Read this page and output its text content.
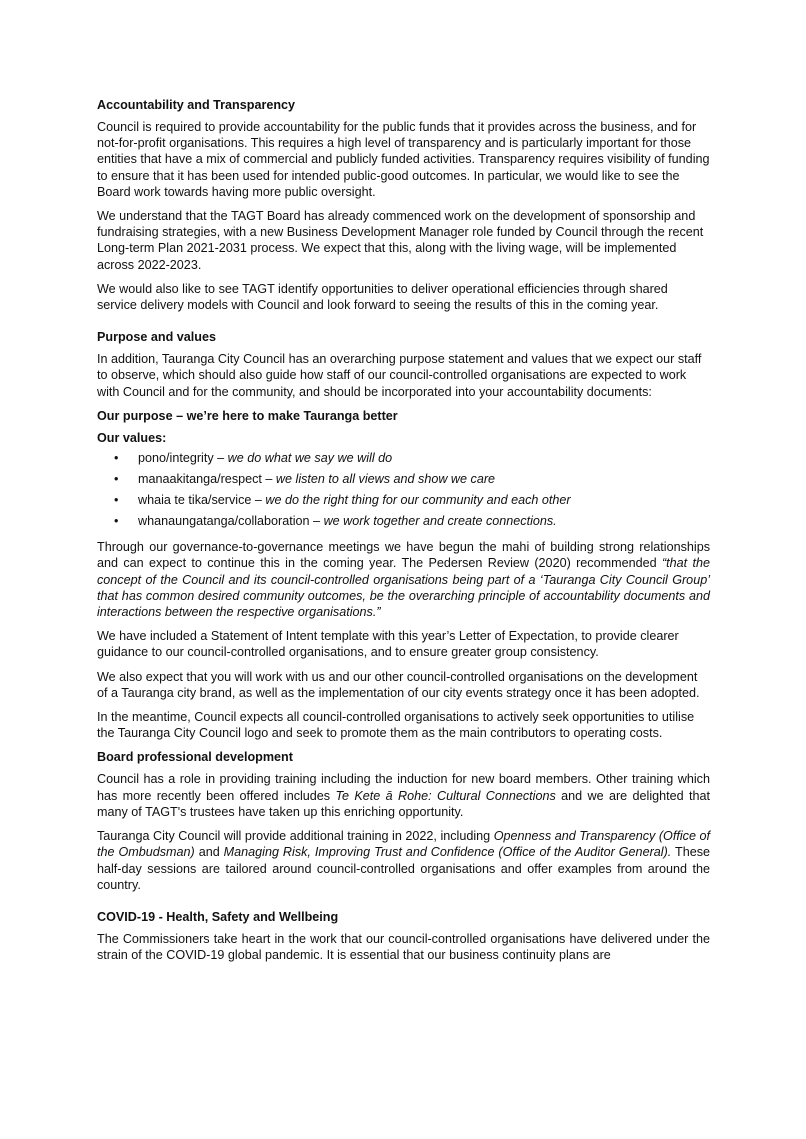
Accountability and Transparency

Council is required to provide accountability for the public funds that it provides across the business, and for not-for-profit organisations. This requires a high level of transparency and is particularly important for those entities that have a mix of commercial and publicly funded activities. Transparency requires visibility of funding to ensure that it has been used for intended public-good outcomes. In particular, we would like to see the Board work towards having more public oversight.

We understand that the TAGT Board has already commenced work on the development of sponsorship and fundraising strategies, with a new Business Development Manager role funded by Council through the recent Long-term Plan 2021-2031 process. We expect that this, along with the living wage, will be implemented across 2022-2023.

We would also like to see TAGT identify opportunities to deliver operational efficiencies through shared service delivery models with Council and look forward to seeing the results of this in the coming year.

Purpose and values

In addition, Tauranga City Council has an overarching purpose statement and values that we expect our staff to observe, which should also guide how staff of our council-controlled organisations are expected to work with Council and for the community, and should be incorporated into your accountability documents:

Our purpose – we’re here to make Tauranga better

Our values:

• pono/integrity – we do what we say we will do
• manaakitanga/respect – we listen to all views and show we care
• whaia te tika/service – we do the right thing for our community and each other
• whanaungatanga/collaboration – we work together and create connections.

Through our governance-to-governance meetings we have begun the mahi of building strong relationships and can expect to continue this in the coming year. The Pedersen Review (2020) recommended “that the concept of the Council and its council-controlled organisations being part of a ‘Tauranga City Council Group’ that has common desired community outcomes, be the overarching principle of accountability documents and interactions between the respective organisations.”

We have included a Statement of Intent template with this year’s Letter of Expectation, to provide clearer guidance to our council-controlled organisations, and to ensure greater group consistency.

We also expect that you will work with us and our other council-controlled organisations on the development of a Tauranga city brand, as well as the implementation of our city events strategy once it has been adopted.

In the meantime, Council expects all council-controlled organisations to actively seek opportunities to utilise the Tauranga City Council logo and seek to promote them as the main contributors to operating costs.

Board professional development

Council has a role in providing training including the induction for new board members. Other training which has more recently been offered includes Te Kete ā Rohe: Cultural Connections and we are delighted that many of TAGT's trustees have taken up this enriching opportunity.

Tauranga City Council will provide additional training in 2022, including Openness and Transparency (Office of the Ombudsman) and Managing Risk, Improving Trust and Confidence (Office of the Auditor General). These half-day sessions are tailored around council-controlled organisations and offer examples from around the country.

COVID-19 - Health, Safety and Wellbeing

The Commissioners take heart in the work that our council-controlled organisations have delivered under the strain of the COVID-19 global pandemic. It is essential that our business continuity plans are
